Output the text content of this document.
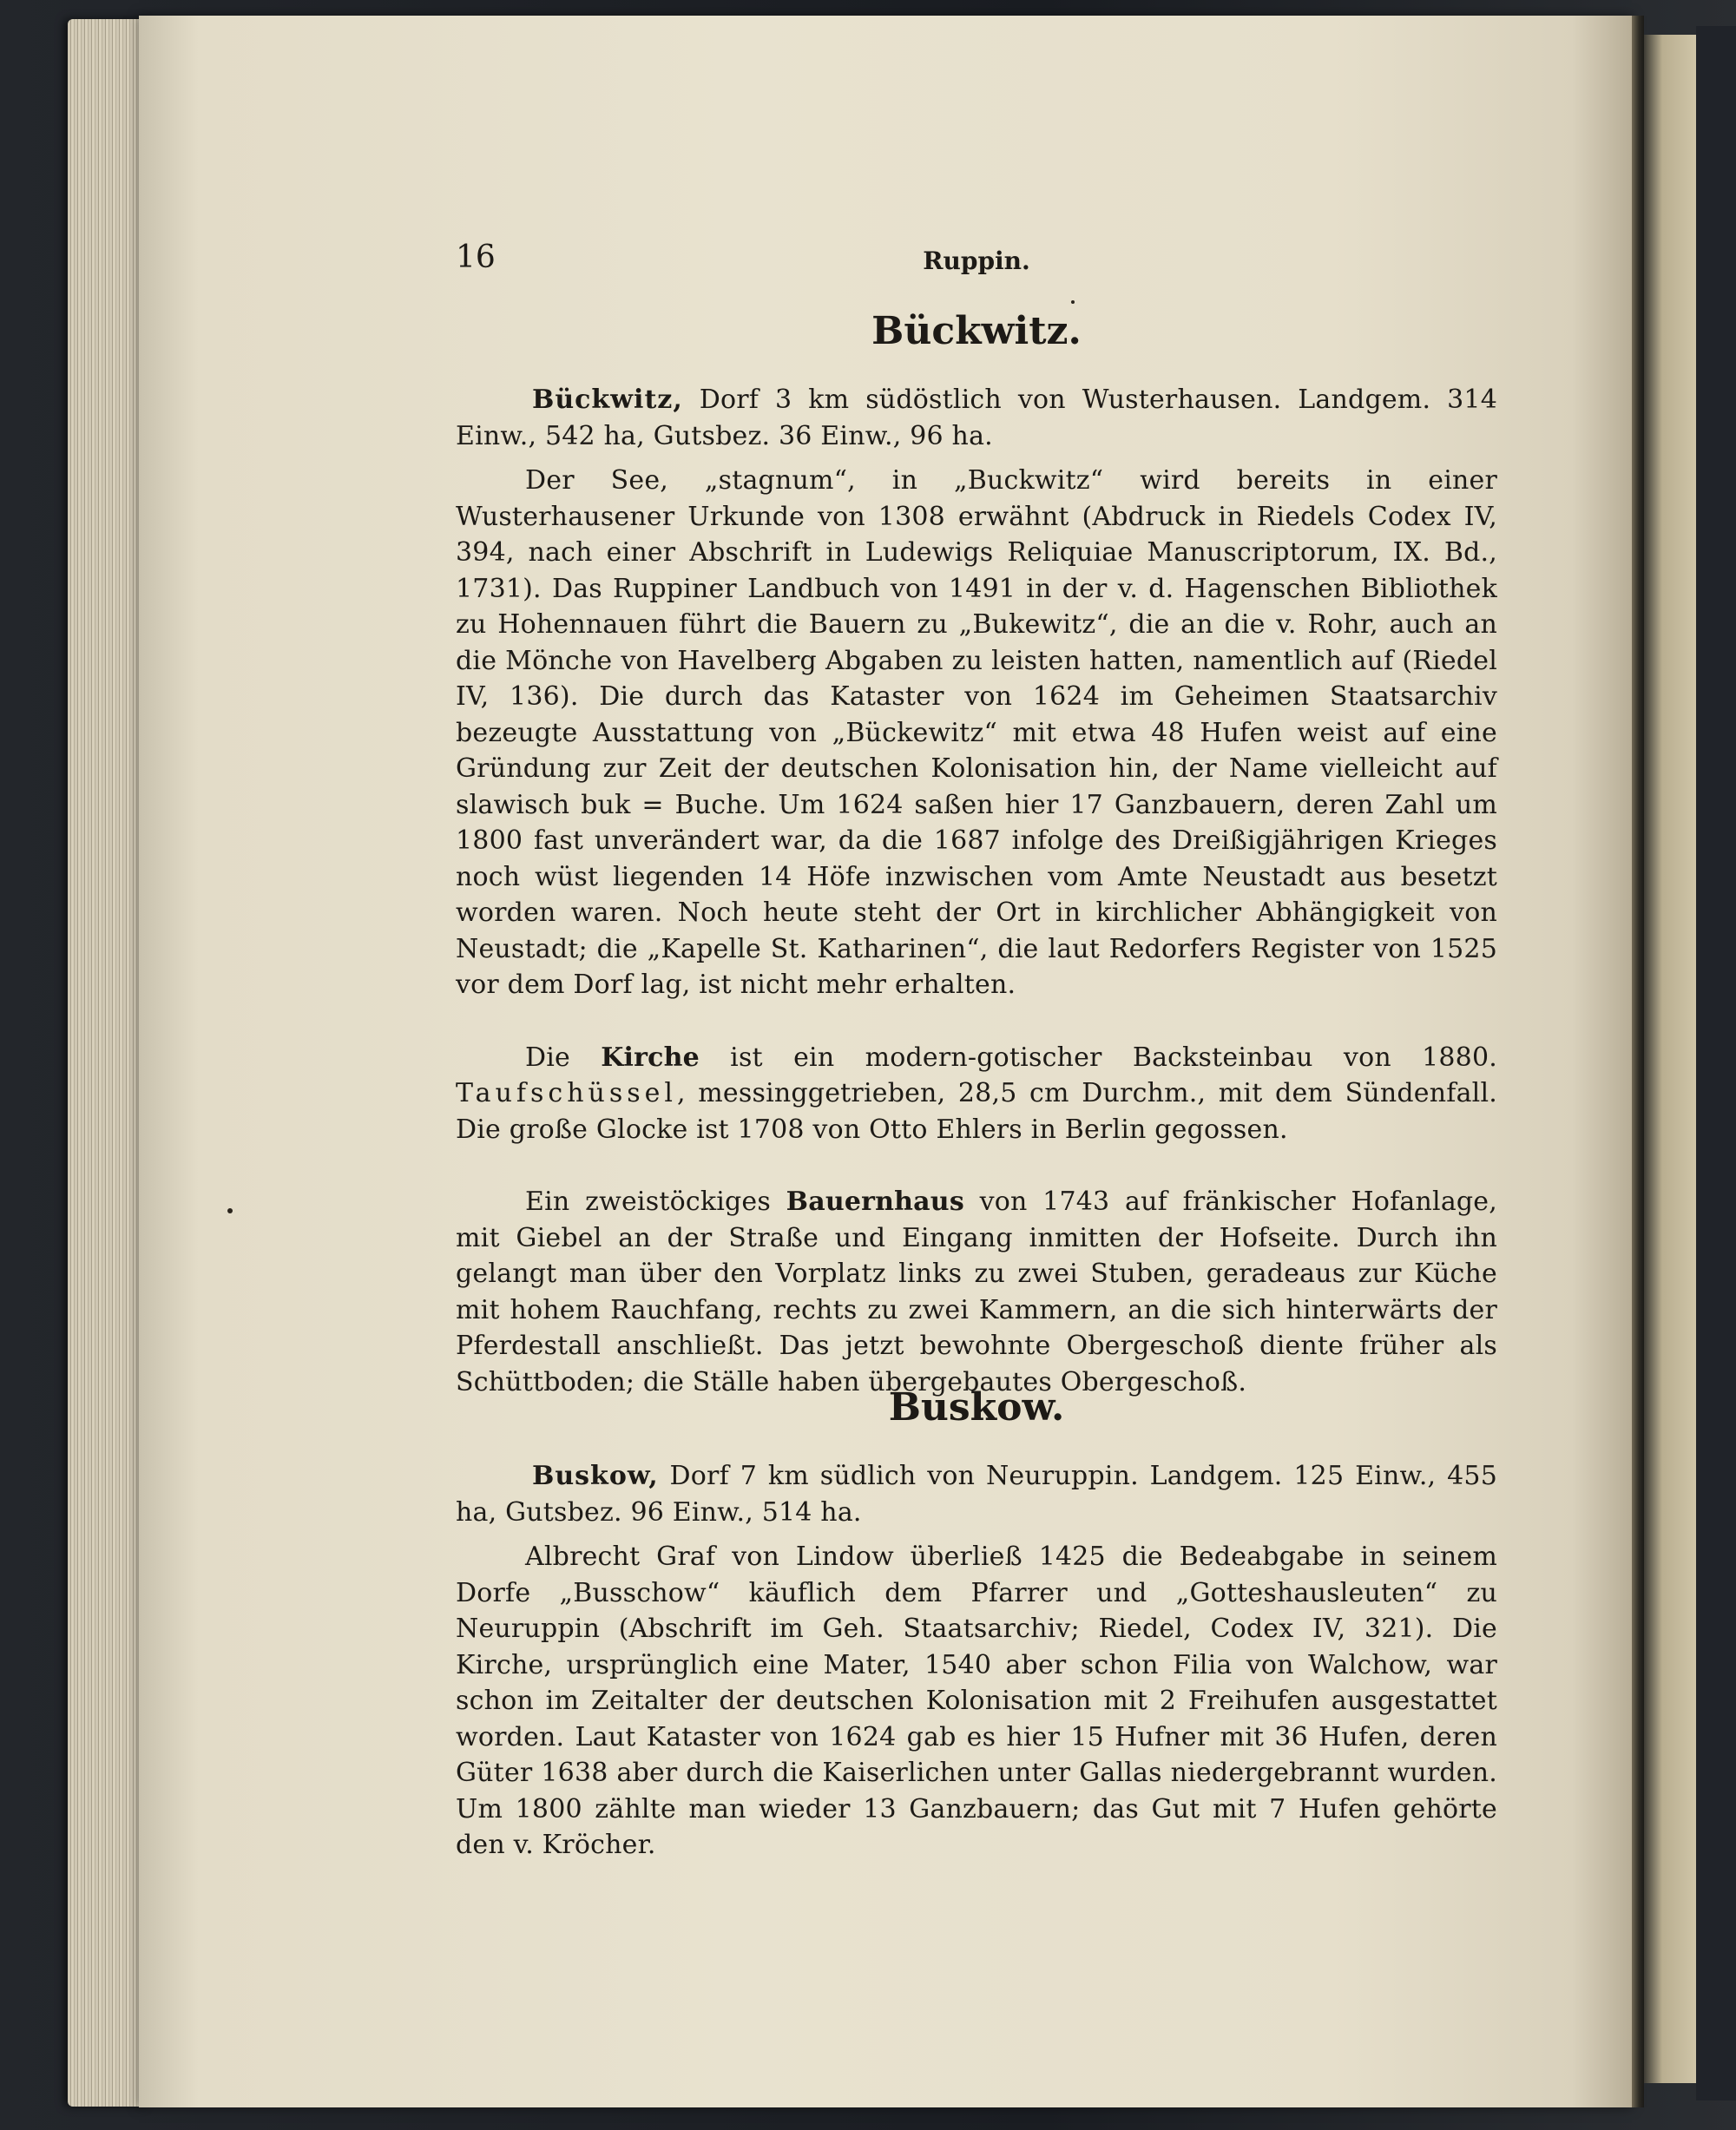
16	Ruppin.
Bückwitz.

Bückwitz, Dorf 3 km südöstlich von Wusterhausen. Landgem. 314 Einw., 542 ha, Gutsbez. 36 Einw., 96 ha.

Der See, „stagnum“, in „Buckwitz“ wird bereits in einer Wusterhausener Urkunde von 1308 erwähnt (Abdruck in Riedels Codex IV, 394, nach einer Abschrift in Ludewigs Reliquiae Manuscriptorum, IX. Bd., 1731). Das Ruppiner Landbuch von 1491 in der v. d. Hagenschen Bibliothek zu Hohennauen führt die Bauern zu „Bukewitz“, die an die v. Rohr, auch an die Mönche von Havelberg Abgaben zu leisten hatten, namentlich auf (Riedel IV, 136). Die durch das Kataster von 1624 im Geheimen Staatsarchiv bezeugte Ausstattung von „Bückewitz“ mit etwa 48 Hufen weist auf eine Gründung zur Zeit der deutschen Kolonisation hin, der Name vielleicht auf slawisch buk = Buche. Um 1624 saßen hier 17 Ganzbauern, deren Zahl um 1800 fast unverändert war, da die 1687 infolge des Dreißigjährigen Krieges noch wüst liegenden 14 Höfe inzwischen vom Amte Neustadt aus besetzt worden waren. Noch heute steht der Ort in kirchlicher Abhängigkeit von Neustadt; die „Kapelle St. Katharinen“, die laut Redorfers Register von 1525 vor dem Dorf lag, ist nicht mehr erhalten.

Die Kirche ist ein modern-gotischer Backsteinbau von 1880. Taufschüssel, messinggetrieben, 28,5 cm Durchm., mit dem Sündenfall. Die große Glocke ist 1708 von Otto Ehlers in Berlin gegossen.

Ein zweistöckiges Bauernhaus von 1743 auf fränkischer Hofanlage, mit Giebel an der Straße und Eingang inmitten der Hofseite. Durch ihn gelangt man über den Vorplatz links zu zwei Stuben, geradeaus zur Küche mit hohem Rauchfang, rechts zu zwei Kammern, an die sich hinterwärts der Pferdestall anschließt. Das jetzt bewohnte Obergeschoß diente früher als Schüttboden; die Ställe haben übergebautes Obergeschoß.

Buskow.

Buskow, Dorf 7 km südlich von Neuruppin. Landgem. 125 Einw., 455 ha, Gutsbez. 96 Einw., 514 ha.

Albrecht Graf von Lindow überließ 1425 die Bedeabgabe in seinem Dorfe „Busschow“ käuflich dem Pfarrer und „Gotteshausleuten“ zu Neuruppin (Abschrift im Geh. Staatsarchiv; Riedel, Codex IV, 321). Die Kirche, ursprünglich eine Mater, 1540 aber schon Filia von Walchow, war schon im Zeitalter der deutschen Kolonisation mit 2 Freihufen ausgestattet worden. Laut Kataster von 1624 gab es hier 15 Hufner mit 36 Hufen, deren Güter 1638 aber durch die Kaiserlichen unter Gallas niedergebrannt wurden. Um 1800 zählte man wieder 13 Ganzbauern; das Gut mit 7 Hufen gehörte den v. Kröcher.
